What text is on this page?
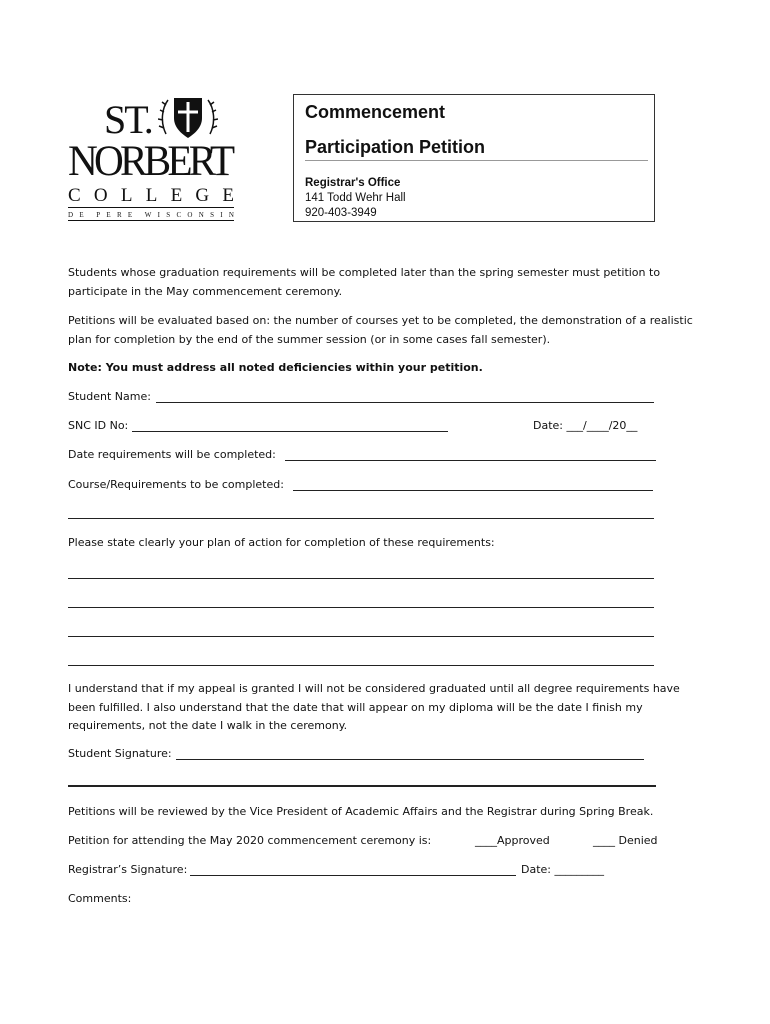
ST.
NORBERT
C O L L E G E
D E P E R E W I S C O N S I N
Commencement
Participation Petition
Registrar's Office
141 Todd Wehr Hall
920-403-3949
Students whose graduation requirements will be completed later than the spring semester must petition to participate in the May commencement ceremony.
Petitions will be evaluated based on: the number of courses yet to be completed, the demonstration of a realistic plan for completion by the end of the summer session (or in some cases fall semester).
Note: You must address all noted deficiencies within your petition.
Student Name:
SNC ID No:	Date: ___/____/20__
Date requirements will be completed:
Course/Requirements to be completed:
Please state clearly your plan of action for completion of these requirements:
I understand that if my appeal is granted I will not be considered graduated until all degree requirements have been fulfilled. I also understand that the date that will appear on my diploma will be the date I finish my requirements, not the date I walk in the ceremony.
Student Signature:
Petitions will be reviewed by the Vice President of Academic Affairs and the Registrar during Spring Break.
Petition for attending the May 2020 commencement ceremony is:	____Approved	____ Denied
Registrar’s Signature:	Date: _________
Comments:
